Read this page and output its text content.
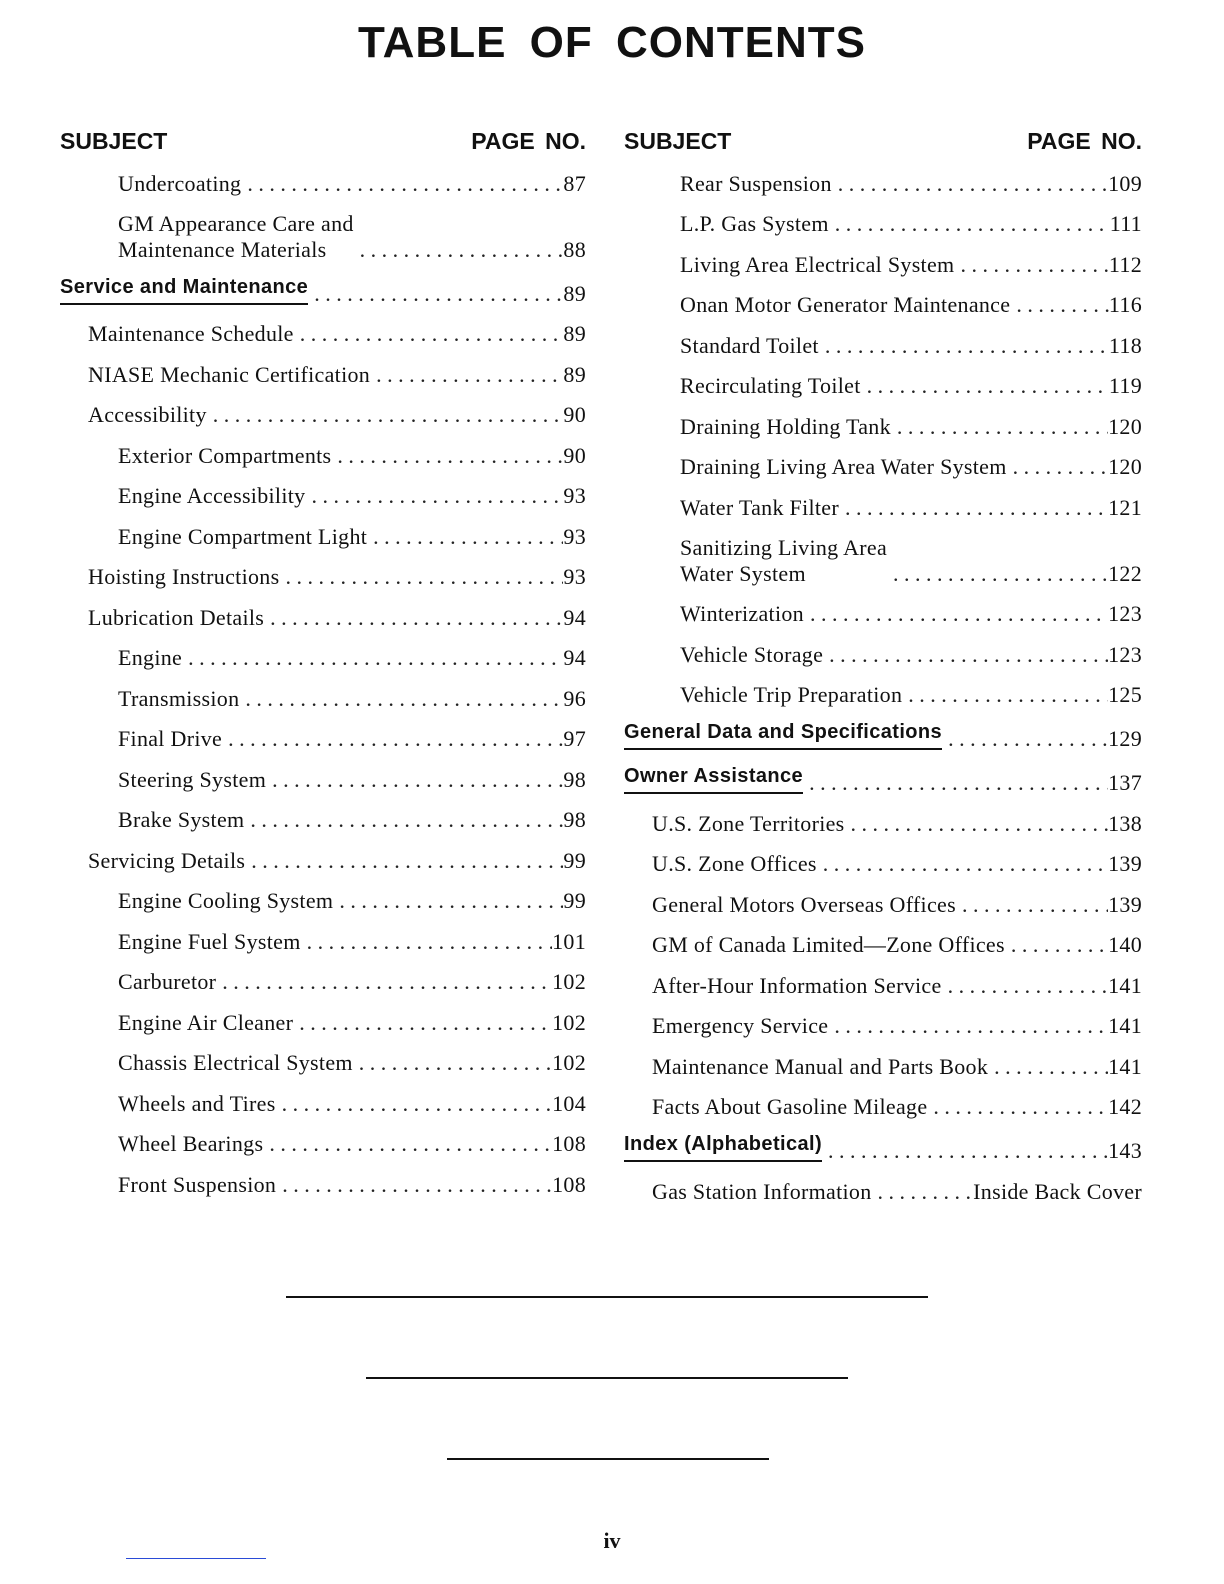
TABLE OF CONTENTS
SUBJECT	PAGE NO.
Undercoating . . .	87
GM Appearance Care and
Maintenance Materials . . .	88
Service and Maintenance . . .	89
Maintenance Schedule . . .	89
NIASE Mechanic Certification . . .	89
Accessibility . . .	90
Exterior Compartments . . .	90
Engine Accessibility . . .	93
Engine Compartment Light . . .	93
Hoisting Instructions . . .	93
Lubrication Details . . .	94
Engine . . .	94
Transmission . . .	96
Final Drive . . .	97
Steering System . . .	98
Brake System . . .	98
Servicing Details . . .	99
Engine Cooling System . . .	99
Engine Fuel System . . .	101
Carburetor . . .	102
Engine Air Cleaner . . .	102
Chassis Electrical System . . .	102
Wheels and Tires . . .	104
Wheel Bearings . . .	108
Front Suspension . . .	108
SUBJECT	PAGE NO.
Rear Suspension . . .	109
L.P. Gas System . . .	111
Living Area Electrical System . . .	112
Onan Motor Generator Maintenance . . .	116
Standard Toilet . . .	118
Recirculating Toilet . . .	119
Draining Holding Tank . . .	120
Draining Living Area Water System . . .	120
Water Tank Filter . . .	121
Sanitizing Living Area
Water System . . .	122
Winterization . . .	123
Vehicle Storage . . .	123
Vehicle Trip Preparation . . .	125
General Data and Specifications . . .	129
Owner Assistance . . .	137
U.S. Zone Territories . . .	138
U.S. Zone Offices . . .	139
General Motors Overseas Offices . . .	139
GM of Canada Limited—Zone Offices . . .	140
After-Hour Information Service . . .	141
Emergency Service . . .	141
Maintenance Manual and Parts Book . . .	141
Facts About Gasoline Mileage . . .	142
Index (Alphabetical) . . .	143
Gas Station Information . . .	Inside Back Cover
iv
